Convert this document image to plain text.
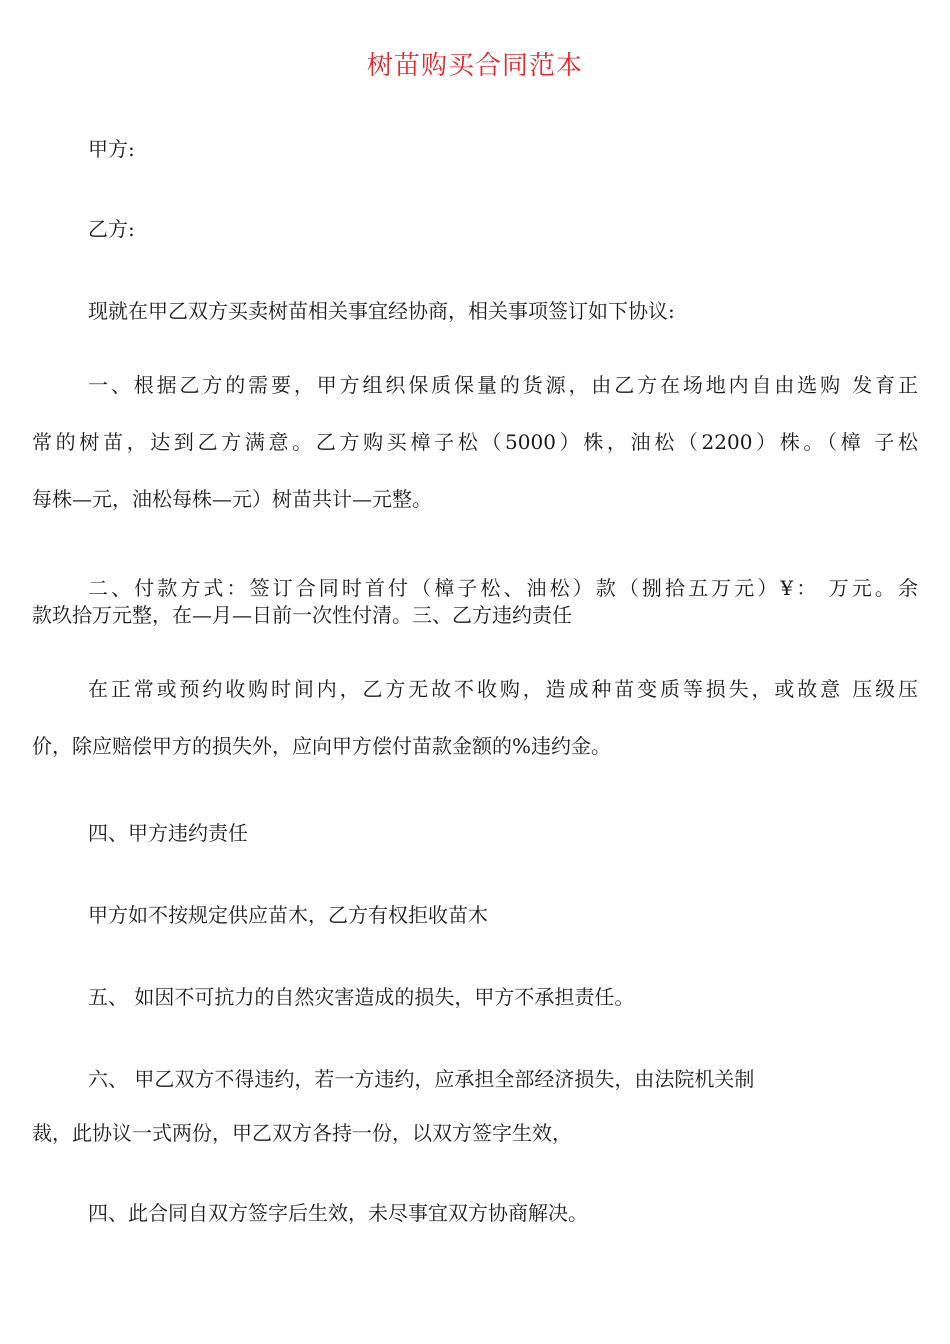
树苗购买合同范本
甲方:
乙方:
现就在甲乙双方买卖树苗相关事宜经协商，相关事项签订如下协议:
一、根据乙方的需要，甲方组织保质保量的货源，由乙方在场地内自由选购 发育正
常的树苗，达到乙方满意。乙方购买樟子松（5000）株，油松（2200）株。（樟 子松
每株—元，油松每株—元）树苗共计—元整。
二、付款方式：签订合同时首付（樟子松、油松）款（捌拾五万元）¥： 万元。余
款玖拾万元整，在—月—日前一次性付清。三、乙方违约责任
在正常或预约收购时间内，乙方无故不收购，造成种苗变质等损失，或故意 压级压
价，除应赔偿甲方的损失外，应向甲方偿付苗款金额的%违约金。
四、甲方违约责任
甲方如不按规定供应苗木，乙方有权拒收苗木
五、 如因不可抗力的自然灾害造成的损失，甲方不承担责任。
六、 甲乙双方不得违约，若一方违约，应承担全部经济损失，由法院机关制
裁，此协议一式两份，甲乙双方各持一份，以双方签字生效，
四、此合同自双方签字后生效，未尽事宜双方协商解决。
